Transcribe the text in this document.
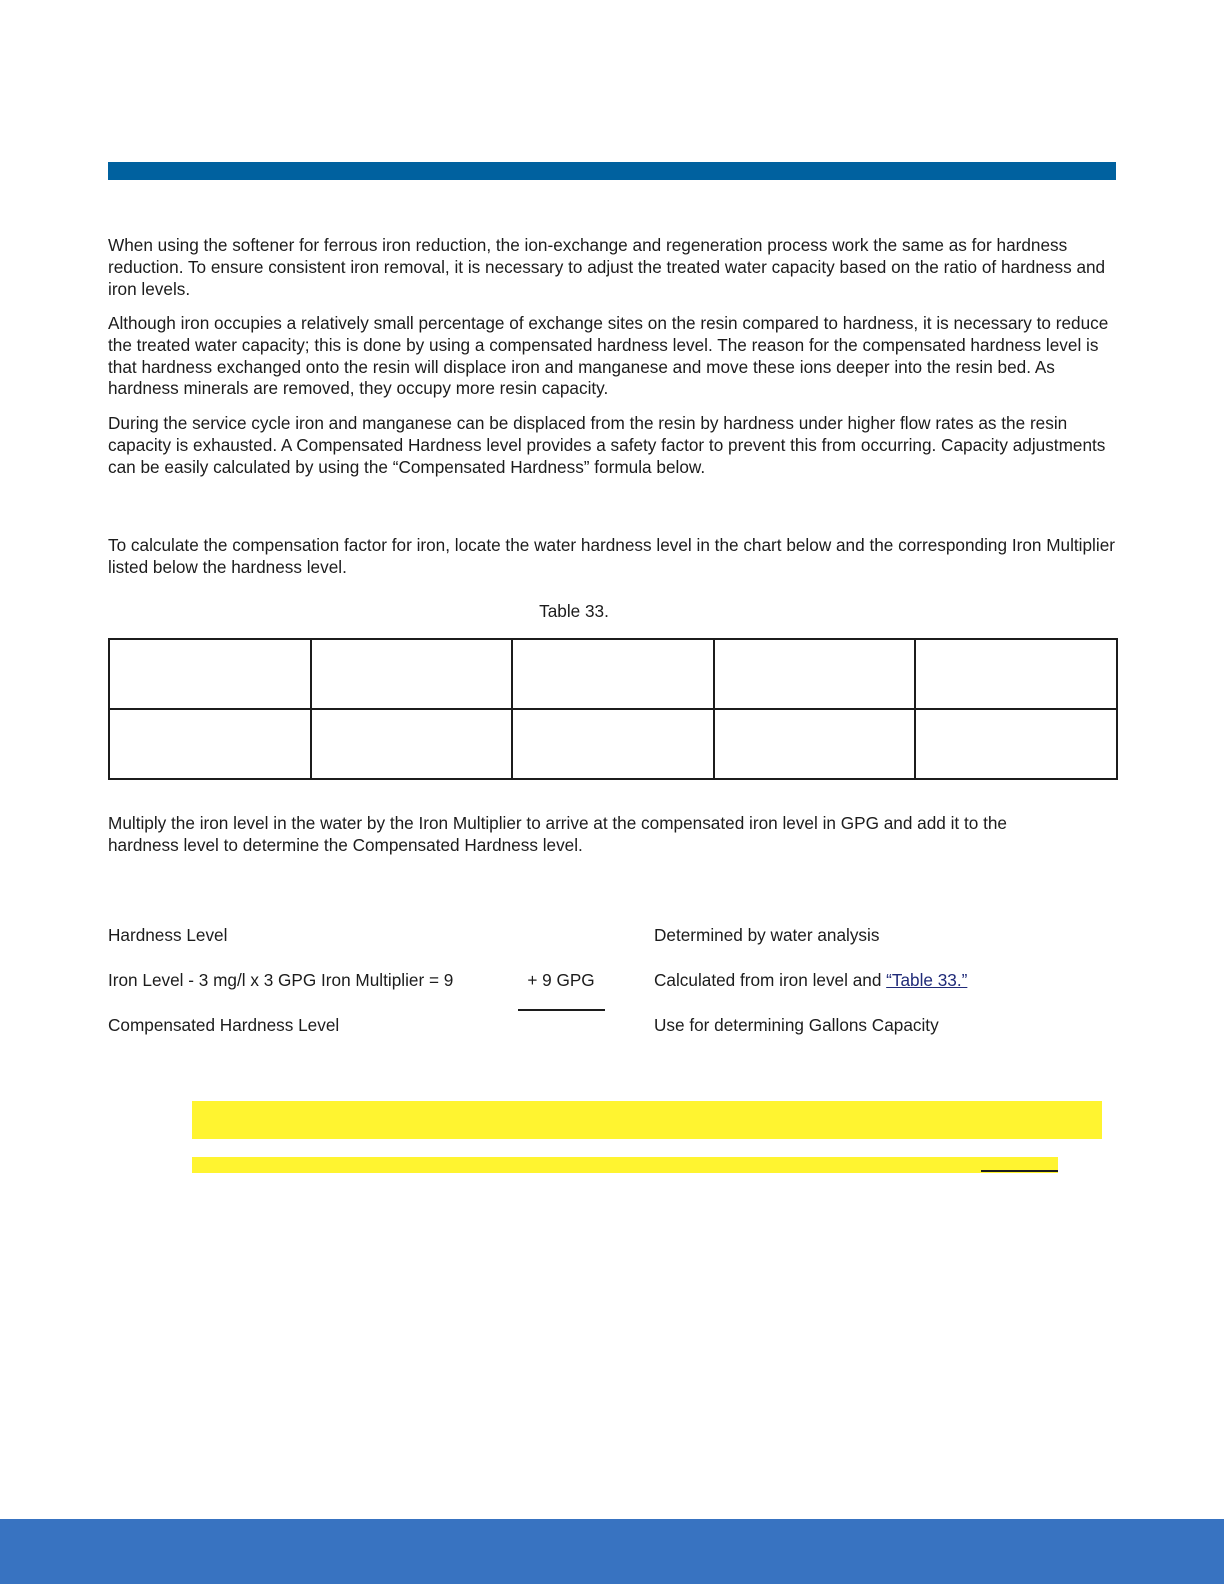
When using the softener for ferrous iron reduction, the ion-exchange and regeneration process work the same as for hardness reduction. To ensure consistent iron removal, it is necessary to adjust the treated water capacity based on the ratio of hardness and iron levels.

Although iron occupies a relatively small percentage of exchange sites on the resin compared to hardness, it is necessary to reduce the treated water capacity; this is done by using a compensated hardness level. The reason for the compensated hardness level is that hardness exchanged onto the resin will displace iron and manganese and move these ions deeper into the resin bed. As hardness minerals are removed, they occupy more resin capacity.

During the service cycle iron and manganese can be displaced from the resin by hardness under higher flow rates as the resin capacity is exhausted. A Compensated Hardness level provides a safety factor to prevent this from occurring. Capacity adjustments can be easily calculated by using the “Compensated Hardness” formula below.

To calculate the compensation factor for iron, locate the water hardness level in the chart below and the corresponding Iron Multiplier listed below the hardness level.

Table 33.

Multiply the iron level in the water by the Iron Multiplier to arrive at the compensated iron level in GPG and add it to the hardness level to determine the Compensated Hardness level.

Hardness Level	Determined by water analysis
Iron Level - 3 mg/l x 3 GPG Iron Multiplier = 9	+ 9 GPG	Calculated from iron level and “Table 33.”
Compensated Hardness Level	Use for determining Gallons Capacity
